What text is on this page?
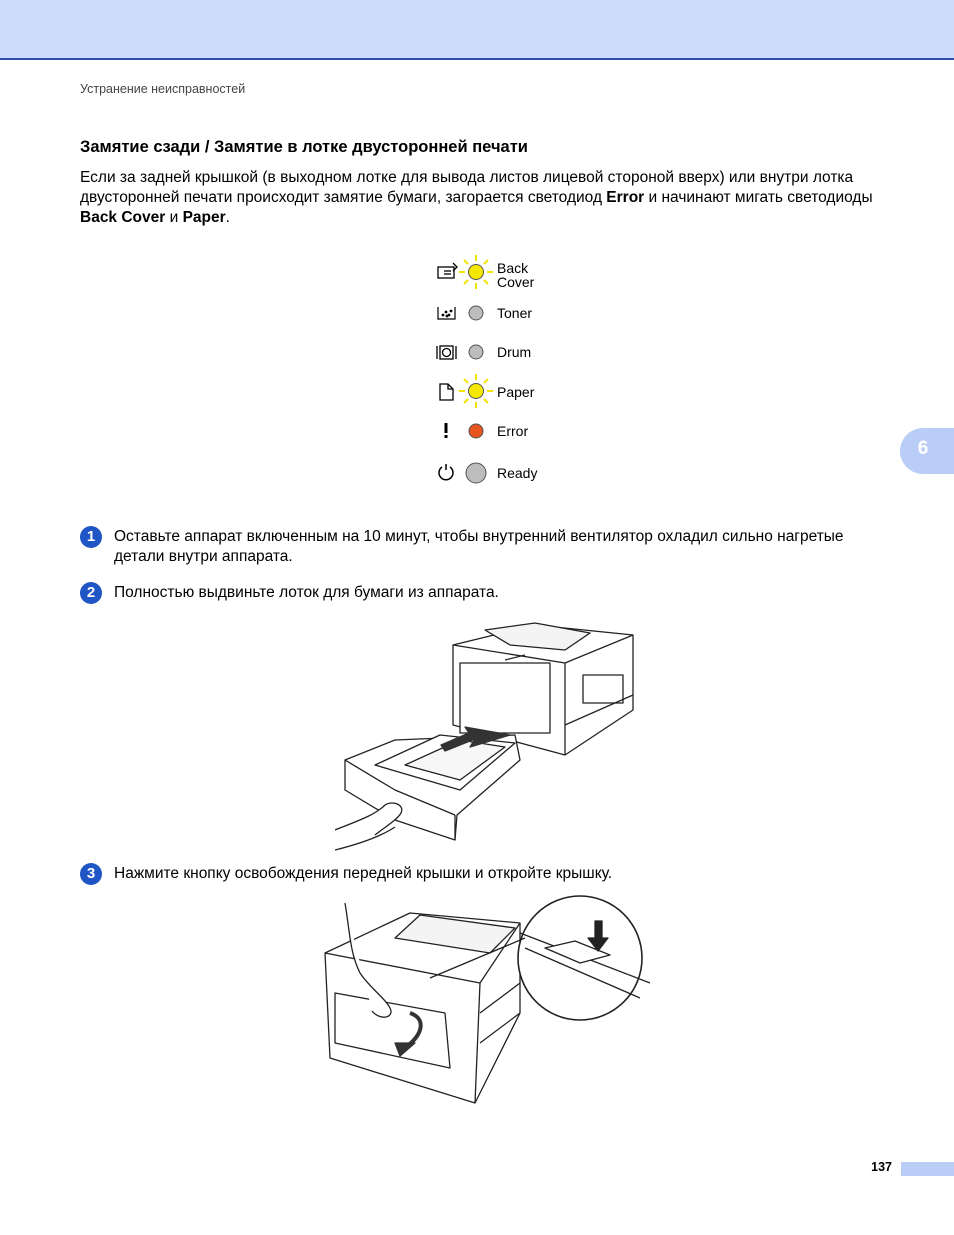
Устранение неисправностей
Замятие сзади / Замятие в лотке двусторонней печати
Если за задней крышкой (в выходном лотке для вывода листов лицевой стороной вверх) или внутри лотка двусторонней печати происходит замятие бумаги, загорается светодиод Error и начинают мигать светодиоды Back Cover и Paper.
6
Back
Cover
Toner
Drum
Paper
Error
Ready
1	Оставьте аппарат включенным на 10 минут, чтобы внутренний вентилятор охладил сильно нагретые детали внутри аппарата.
2	Полностью выдвиньте лоток для бумаги из аппарата.
3	Нажмите кнопку освобождения передней крышки и откройте крышку.
137
